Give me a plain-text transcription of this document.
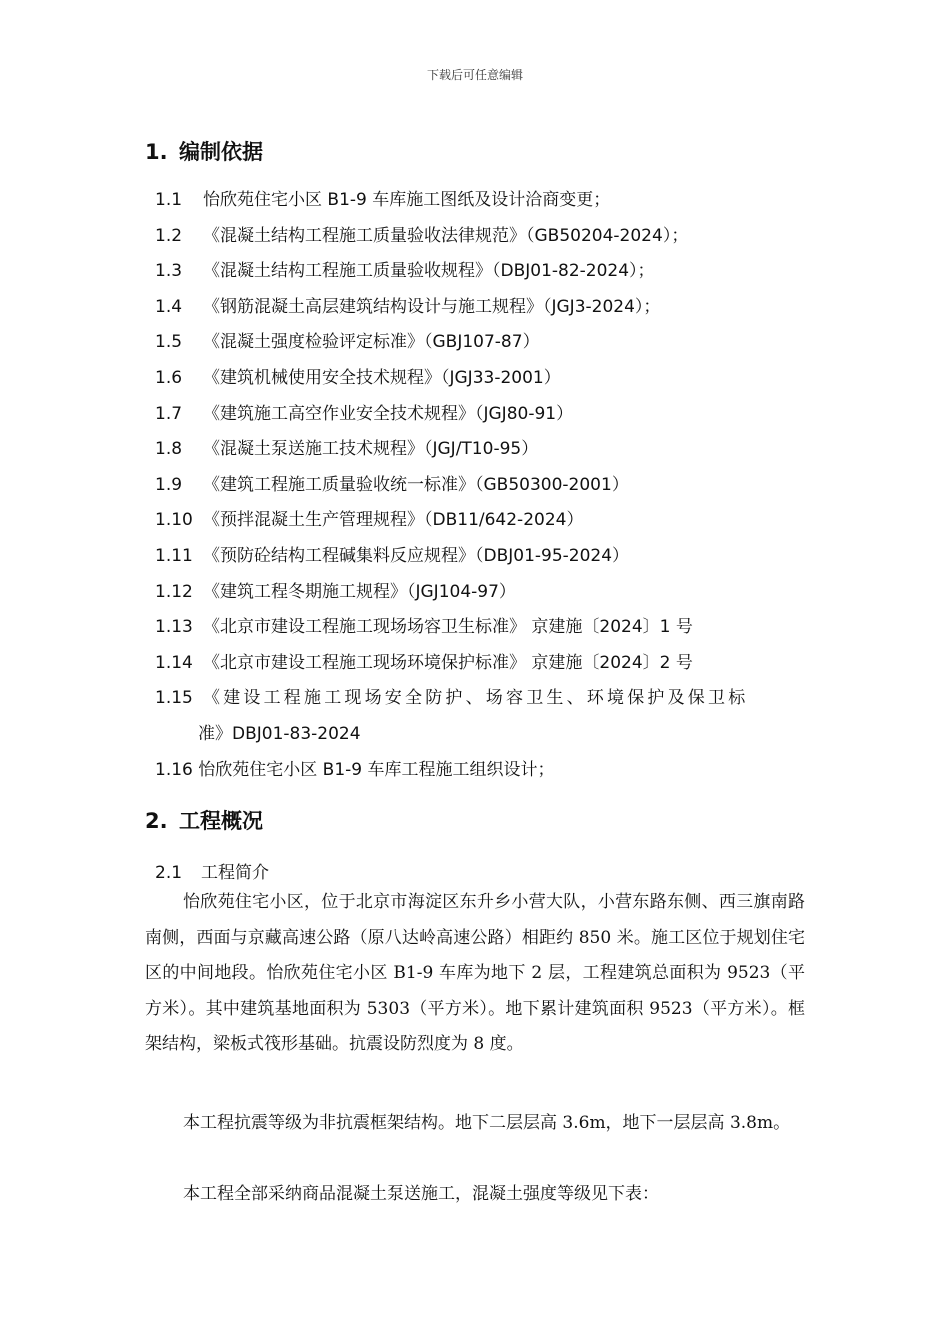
下载后可任意编辑
1. 编制依据
1.1 怡欣苑住宅小区 B1-9 车库施工图纸及设计洽商变更；
1.2 《混凝土结构工程施工质量验收法律规范》（GB50204-2024）；
1.3 《混凝土结构工程施工质量验收规程》（DBJ01-82-2024）；
1.4 《钢筋混凝土高层建筑结构设计与施工规程》（JGJ3-2024）；
1.5 《混凝土强度检验评定标准》（GBJ107-87）
1.6 《建筑机械使用安全技术规程》（JGJ33-2001）
1.7 《建筑施工高空作业安全技术规程》（JGJ80-91）
1.8 《混凝土泵送施工技术规程》（JGJ/T10-95）
1.9 《建筑工程施工质量验收统一标准》（GB50300-2001）
1.10 《预拌混凝土生产管理规程》（DB11/642-2024）
1.11 《预防砼结构工程碱集料反应规程》（DBJ01-95-2024）
1.12 《建筑工程冬期施工规程》（JGJ104-97）
1.13 《北京市建设工程施工现场场容卫生标准》 京建施〔2024〕1 号
1.14 《北京市建设工程施工现场环境保护标准》 京建施〔2024〕2 号
1.15 《建设工程施工现场安全防护、场容卫生、环境保护及保卫标
准》DBJ01-83-2024
1.16 怡欣苑住宅小区 B1-9 车库工程施工组织设计；
2. 工程概况
2.1 工程简介
怡欣苑住宅小区，位于北京市海淀区东升乡小营大队，小营东路东侧、西三旗南路南侧，西面与京藏高速公路（原八达岭高速公路）相距约 850 米。施工区位于规划住宅区的中间地段。怡欣苑住宅小区 B1-9 车库为地下 2 层，工程建筑总面积为 9523（平方米）。其中建筑基地面积为 5303（平方米）。地下累计建筑面积 9523（平方米）。框架结构，梁板式筏形基础。抗震设防烈度为 8 度。
本工程抗震等级为非抗震框架结构。地下二层层高 3.6m，地下一层层高 3.8m。
本工程全部采纳商品混凝土泵送施工，混凝土强度等级见下表：
